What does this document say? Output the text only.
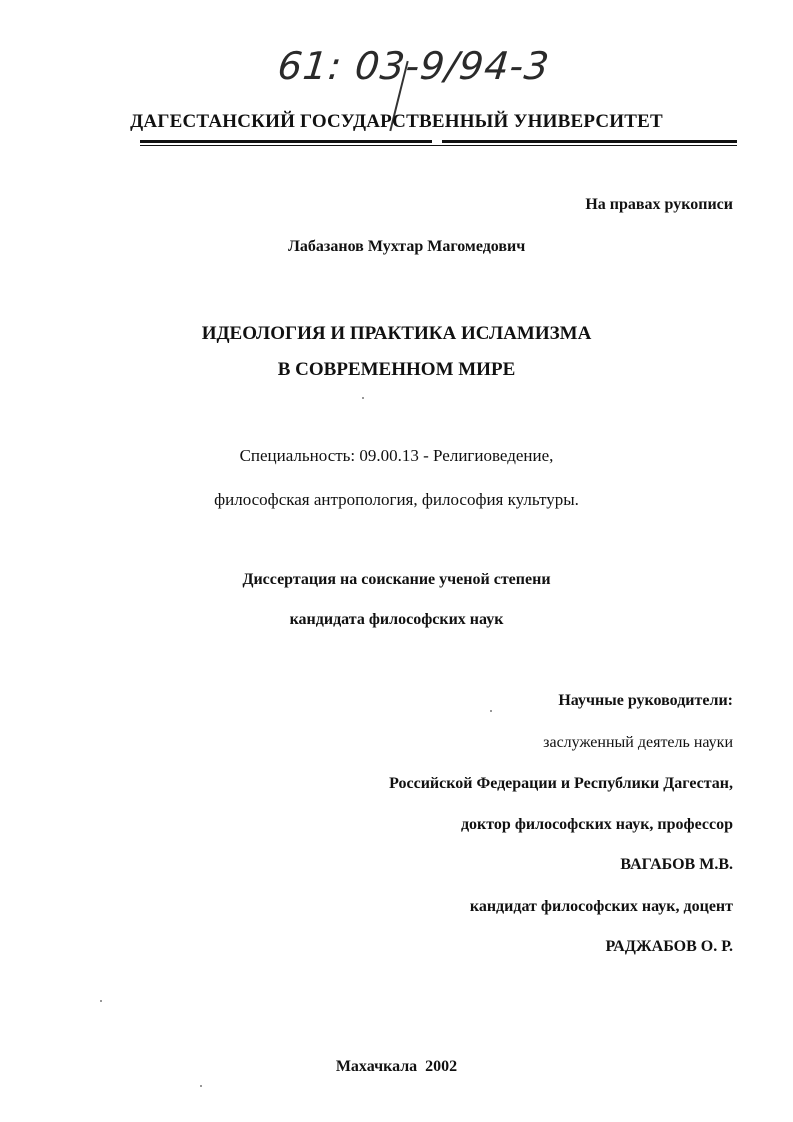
61: 03-9/94-3
ДАГЕСТАНСКИЙ ГОСУДАРСТВЕННЫЙ УНИВЕРСИТЕТ
На правах рукописи
Лабазанов Мухтар Магомедович
ИДЕОЛОГИЯ И ПРАКТИКА ИСЛАМИЗМА
В СОВРЕМЕННОМ МИРЕ
Специальность: 09.00.13 - Религиоведение,
философская антропология, философия культуры.
Диссертация на соискание ученой степени
кандидата философских наук
Научные руководители:
заслуженный деятель науки
Российской Федерации и Республики Дагестан,
доктор философских наук, профессор
ВАГАБОВ М.В.
кандидат философских наук, доцент
РАДЖАБОВ О. Р.
Махачкала  2002
